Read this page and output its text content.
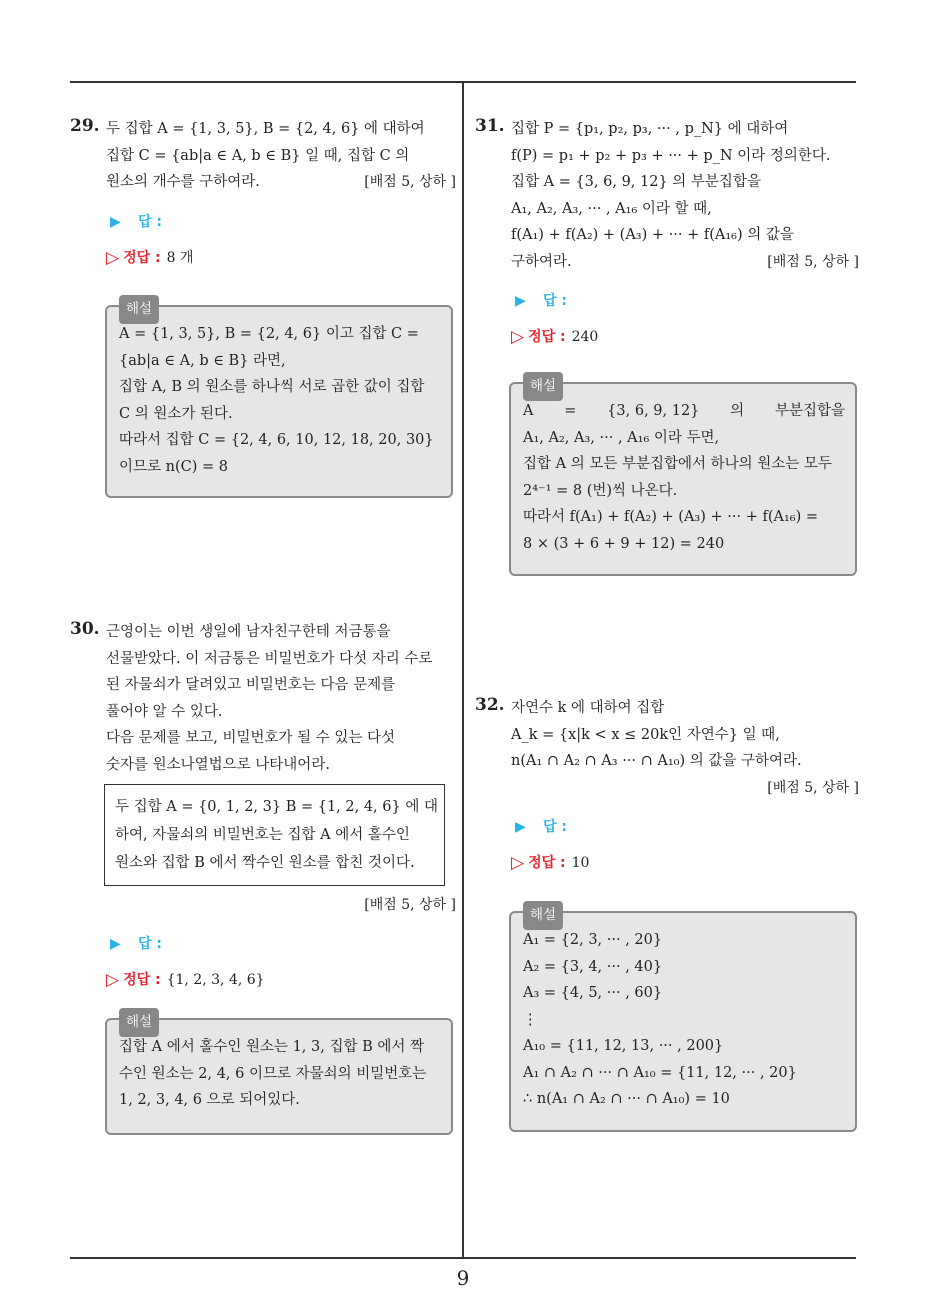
29. 두 집합 A = {1, 3, 5}, B = {2, 4, 6} 에 대하여
집합 C = {ab|a ∈ A, b ∈ B} 일 때, 집합 C 의
원소의 개수를 구하여라.	[배점 5, 상하 ]
▶	답 :
▷ 정답 : 8 개
해설
A = {1, 3, 5}, B = {2, 4, 6} 이고 집합 C =
{ab|a ∈ A, b ∈ B} 라면,
집합 A, B 의 원소를 하나씩 서로 곱한 값이 집합
C 의 원소가 된다.
따라서 집합 C = {2, 4, 6, 10, 12, 18, 20, 30}
이므로 n(C) = 8
30. 근영이는 이번 생일에 남자친구한테 저금통을
선물받았다. 이 저금통은 비밀번호가 다섯 자리 수로
된 자물쇠가 달려있고 비밀번호는 다음 문제를
풀어야 알 수 있다.
다음 문제를 보고, 비밀번호가 될 수 있는 다섯
숫자를 원소나열법으로 나타내어라.
두 집합 A = {0, 1, 2, 3} B = {1, 2, 4, 6} 에 대
하여, 자물쇠의 비밀번호는 집합 A 에서 홀수인
원소와 집합 B 에서 짝수인 원소를 합친 것이다.
[배점 5, 상하 ]
▶	답 :
▷ 정답 : {1, 2, 3, 4, 6}
해설
집합 A 에서 홀수인 원소는 1, 3, 집합 B 에서 짝
수인 원소는 2, 4, 6 이므로 자물쇠의 비밀번호는
1, 2, 3, 4, 6 으로 되어있다.
31. 집합 P = {p₁, p₂, p₃, ··· , p_N} 에 대하여
f(P) = p₁ + p₂ + p₃ + ··· + p_N 이라 정의한다.
집합 A = {3, 6, 9, 12} 의 부분집합을
A₁, A₂, A₃, ··· , A₁₆ 이라 할 때,
f(A₁) + f(A₂) + (A₃) + ··· + f(A₁₆) 의 값을
구하여라.	[배점 5, 상하 ]
▶	답 :
▷ 정답 : 240
해설
A = {3, 6, 9, 12} 의 부분집합을
A₁, A₂, A₃, ··· , A₁₆ 이라 두면,
집합 A 의 모든 부분집합에서 하나의 원소는 모두
2⁴⁻¹ = 8 (번)씩 나온다.
따라서 f(A₁) + f(A₂) + (A₃) + ··· + f(A₁₆) =
8 × (3 + 6 + 9 + 12) = 240
32. 자연수 k 에 대하여 집합
A_k = {x|k < x ≤ 20k인 자연수} 일 때,
n(A₁ ∩ A₂ ∩ A₃ ··· ∩ A₁₀) 의 값을 구하여라.
[배점 5, 상하 ]
▶	답 :
▷ 정답 : 10
해설
A₁ = {2, 3, ··· , 20}
A₂ = {3, 4, ··· , 40}
A₃ = {4, 5, ··· , 60}
⋮
A₁₀ = {11, 12, 13, ··· , 200}
A₁ ∩ A₂ ∩ ··· ∩ A₁₀ = {11, 12, ··· , 20}
∴ n(A₁ ∩ A₂ ∩ ··· ∩ A₁₀) = 10
9
